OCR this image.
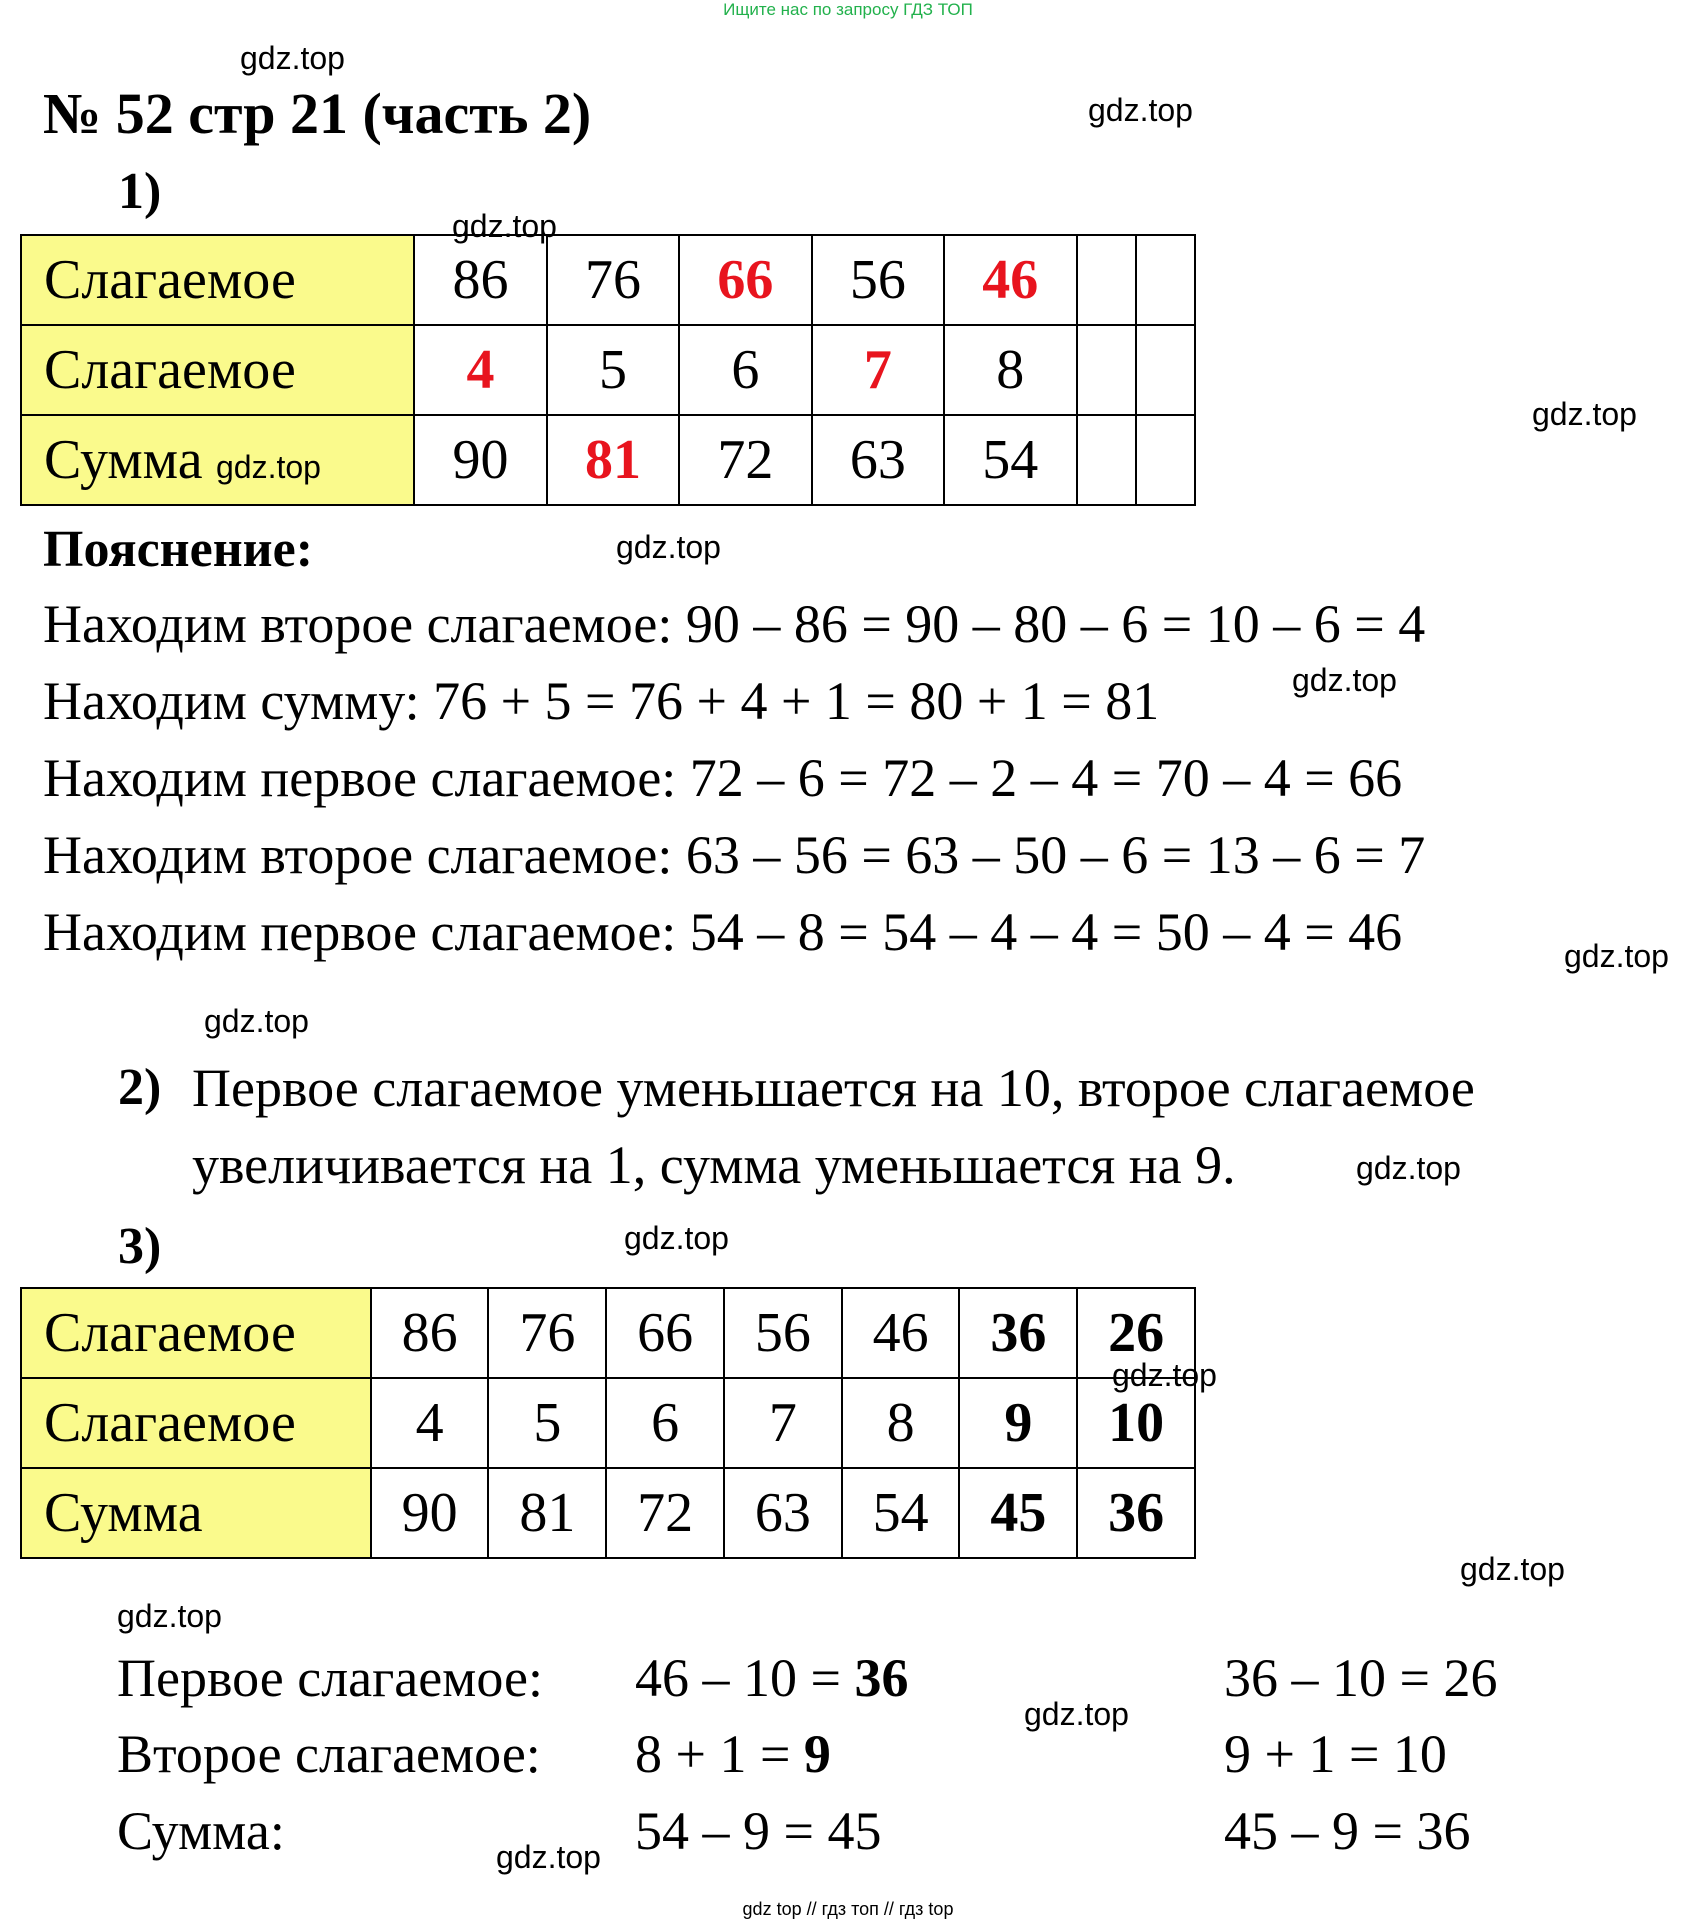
Ищите нас по запросу ГДЗ ТОП
№ 52 стр 21 (часть 2)
1)
Слагаемое	86	76	66	56	46		
Слагаемое	4	5	6	7	8		
Сумма	90	81	72	63	54		
Пояснение:
Находим второе слагаемое: 90 – 86 = 90 – 80 – 6 = 10 – 6 = 4
Находим сумму: 76 + 5 = 76 + 4 + 1 = 80 + 1 = 81
Находим первое слагаемое: 72 – 6 = 72 – 2 – 4 = 70 – 4 = 66
Находим второе слагаемое: 63 – 56 = 63 – 50 – 6 = 13 – 6 = 7
Находим первое слагаемое: 54 – 8 = 54 – 4 – 4 = 50 – 4 = 46
2) Первое слагаемое уменьшается на 10, второе слагаемое
увеличивается на 1, сумма уменьшается на 9.
3)
Слагаемое	86	76	66	56	46	36	26
Слагаемое	4	5	6	7	8	9	10
Сумма	90	81	72	63	54	45	36
Первое слагаемое: 46 – 10 = 36	36 – 10 = 26
Второе слагаемое: 8 + 1 = 9	9 + 1 = 10
Сумма:	54 – 9 = 45	45 – 9 = 36
gdz.top
gdz.top
gdz.top
gdz.top
gdz.top
gdz.top
gdz.top
gdz.top
gdz.top
gdz.top
gdz.top
gdz.top
gdz.top
gdz.top
gdz.top
gdz.top
gdz top // гдз топ // гдз top
